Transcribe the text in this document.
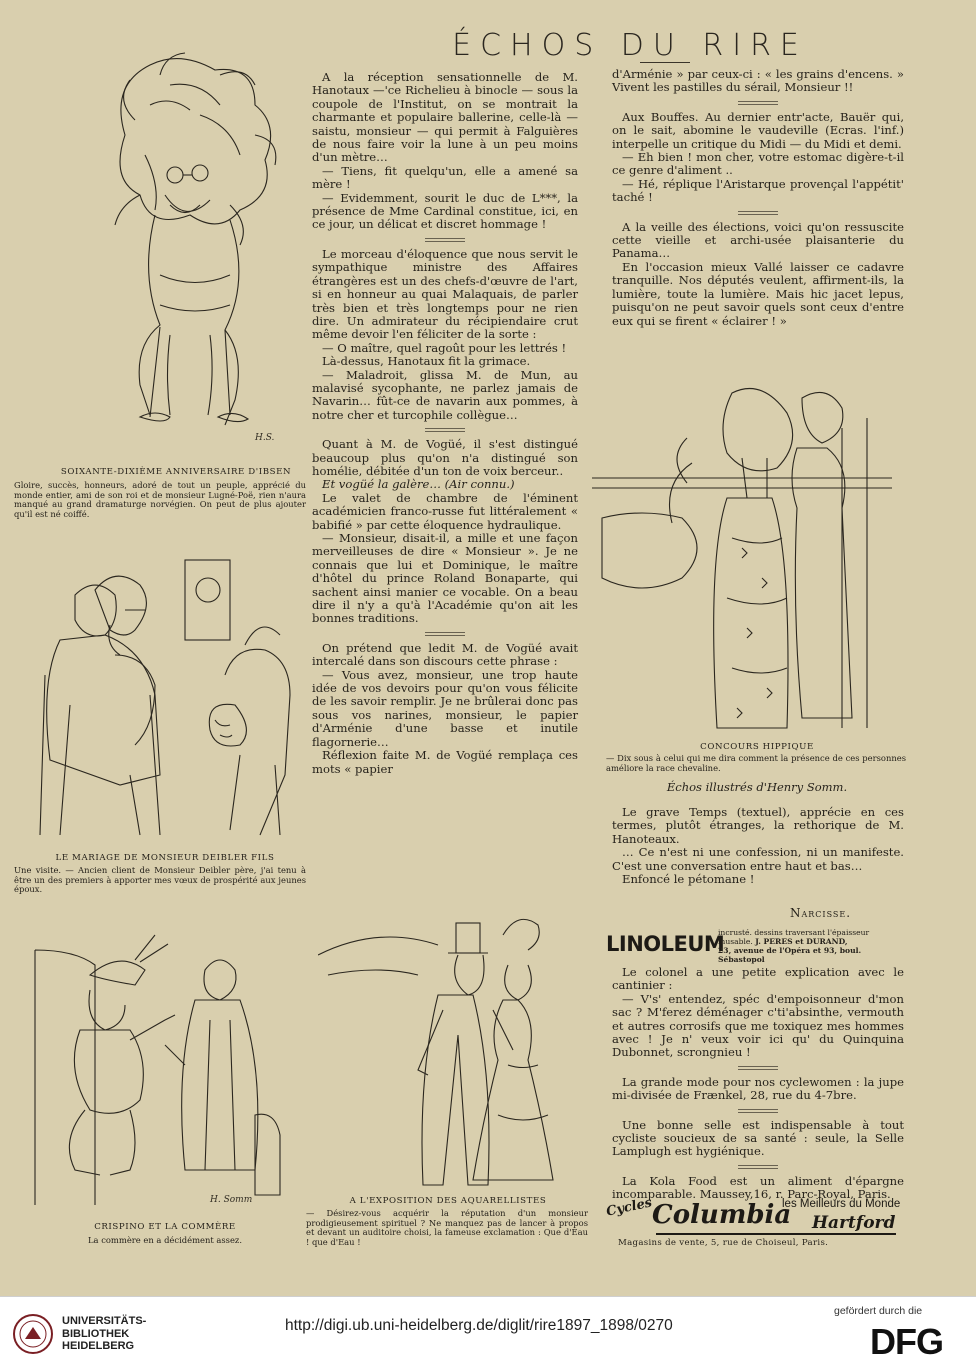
ÉCHOS DU RIRE
H.S.
SOIXANTE-DIXIÈME ANNIVERSAIRE D'IBSEN
Gloire, succès, honneurs, adoré de tout un peuple, apprécié du monde entier, ami de son roi et de monsieur Lugné-Poë, rien n'aura manqué au grand dramaturge norvégien. On peut de plus ajouter qu'il est né coiffé.
LE MARIAGE DE MONSIEUR DEIBLER FILS
Une visite. — Ancien client de Monsieur Deibler père, j'ai tenu à être un des premiers à apporter mes vœux de prospérité aux jeunes époux.
H. Somm
CRISPINO ET LA COMMÈRE
La commère en a décidément assez.

A la réception sensationnelle de M. Hanotaux —'ce Richelieu à binocle — sous la coupole de l'Institut, on se montrait la charmante et populaire ballerine, celle-là — saistu, monsieur — qui permit à Falguières de nous faire voir la lune à un peu moins d'un mètre…

— Tiens, fit quelqu'un, elle a amené sa mère !

— Evidemment, sourit le duc de L***, la présence de Mme Cardinal constitue, ici, en ce jour, un délicat et discret hommage !

Le morceau d'éloquence que nous servit le sympathique ministre des Affaires étrangères est un des chefs-d'œuvre de l'art, si en honneur au quai Malaquais, de parler très bien et très longtemps pour ne rien dire. Un admirateur du récipiendaire crut même devoir l'en féliciter de la sorte :

— O maître, quel ragoût pour les lettrés !

Là-dessus, Hanotaux fit la grimace.

— Maladroit, glissa M. de Mun, au malavisé sycophante, ne parlez jamais de Navarin… fût-ce de navarin aux pommes, à notre cher et turcophile collègue…

Quant à M. de Vogüé, il s'est distingué beaucoup plus qu'on n'a distingué son homélie, débitée d'un ton de voix berceur..

Et vogüé la galère… (Air connu.)

Le valet de chambre de l'éminent académicien franco-russe fut littéralement « babifié » par cette éloquence hydraulique.

— Monsieur, disait-il, a mille et une façon merveilleuses de dire « Monsieur ». Je ne connais que lui et Dominique, le maître d'hôtel du prince Roland Bonaparte, qui sachent ainsi manier ce vocable. On a beau dire il n'y a qu'à l'Académie qu'on ait les bonnes traditions.

On prétend que ledit M. de Vogüé avait intercalé dans son discours cette phrase :

— Vous avez, monsieur, une trop haute idée de vos devoirs pour qu'on vous félicite de les savoir remplir. Je ne brûlerai donc pas sous vos narines, monsieur, le papier d'Arménie d'une basse et inutile flagornerie…

Réflexion faite M. de Vogüé remplaça ces mots « papier

A L'EXPOSITION DES AQUARELLISTES
— Désirez-vous acquérir la réputation d'un monsieur prodigieusement spirituel ? Ne manquez pas de lancer à propos et devant un auditoire choisi, la fameuse exclamation : Que d'Eau ! que d'Eau !

d'Arménie » par ceux-ci : « les grains d'encens. » Vivent les pastilles du sérail, Monsieur !!

Aux Bouffes. Au dernier entr'acte, Bauër qui, on le sait, abomine le vaudeville (Ecras. l'inf.) interpelle un critique du Midi — du Midi et demi.

— Eh bien ! mon cher, votre estomac digère-t-il ce genre d'aliment ..

— Hé, réplique l'Aristarque provençal l'appétit' taché !

A la veille des élections, voici qu'on ressuscite cette vieille et archi-usée plaisanterie du Panama…

En l'occasion mieux Vallé laisser ce cadavre tranquille. Nos députés veulent, affirment-ils, la lumière, toute la lumière. Mais hic jacet lepus, puisqu'on ne peut savoir quels sont ceux d'entre eux qui se firent « éclairer ! »

CONCOURS HIPPIQUE
— Dix sous à celui qui me dira comment la présence de ces personnes améliore la race chevaline.
Échos illustrés d'Henry Somm.

Le grave Temps (textuel), apprécie en ces termes, plutôt étranges, la rethorique de M. Hanoteaux.

… Ce n'est ni une confession, ni un manifeste. C'est une conversation entre haut et bas…

Enfoncé le pétomane !

Narcisse.
LINOLEUM
incrusté. dessins traversant l'épaisseur
inusable. J. PERES et DURAND,
23, avenue de l'Opéra et 93, boul. Sébastopol

Le colonel a une petite explication avec le cantinier :

— V's' entendez, spéc d'empoisonneur d'mon sac ? M'ferez déménager c'ti'absinthe, vermouth et autres corrosifs que me toxiquez mes hommes avec ! Je n' veux voir ici qu' du Quinquina Dubonnet, scrongnieu !

La grande mode pour nos cyclewomen : la jupe mi-divisée de Frænkel, 28, rue du 4-7bre.

Une bonne selle est indispensable à tout cycliste soucieux de sa santé : seule, la Selle Lamplugh est hygiénique.

La Kola Food est un aliment d'épargne incomparable. Maussey,16, r. Parc-Royal, Paris.

Cycles
Columbia
les Meilleurs du Monde
Hartford
Magasins de vente, 5, rue de Choiseul, Paris.
UNIVERSITÄTS-
BIBLIOTHEK
HEIDELBERG
http://digi.ub.uni-heidelberg.de/diglit/rire1897_1898/0270
gefördert durch die
DFG
